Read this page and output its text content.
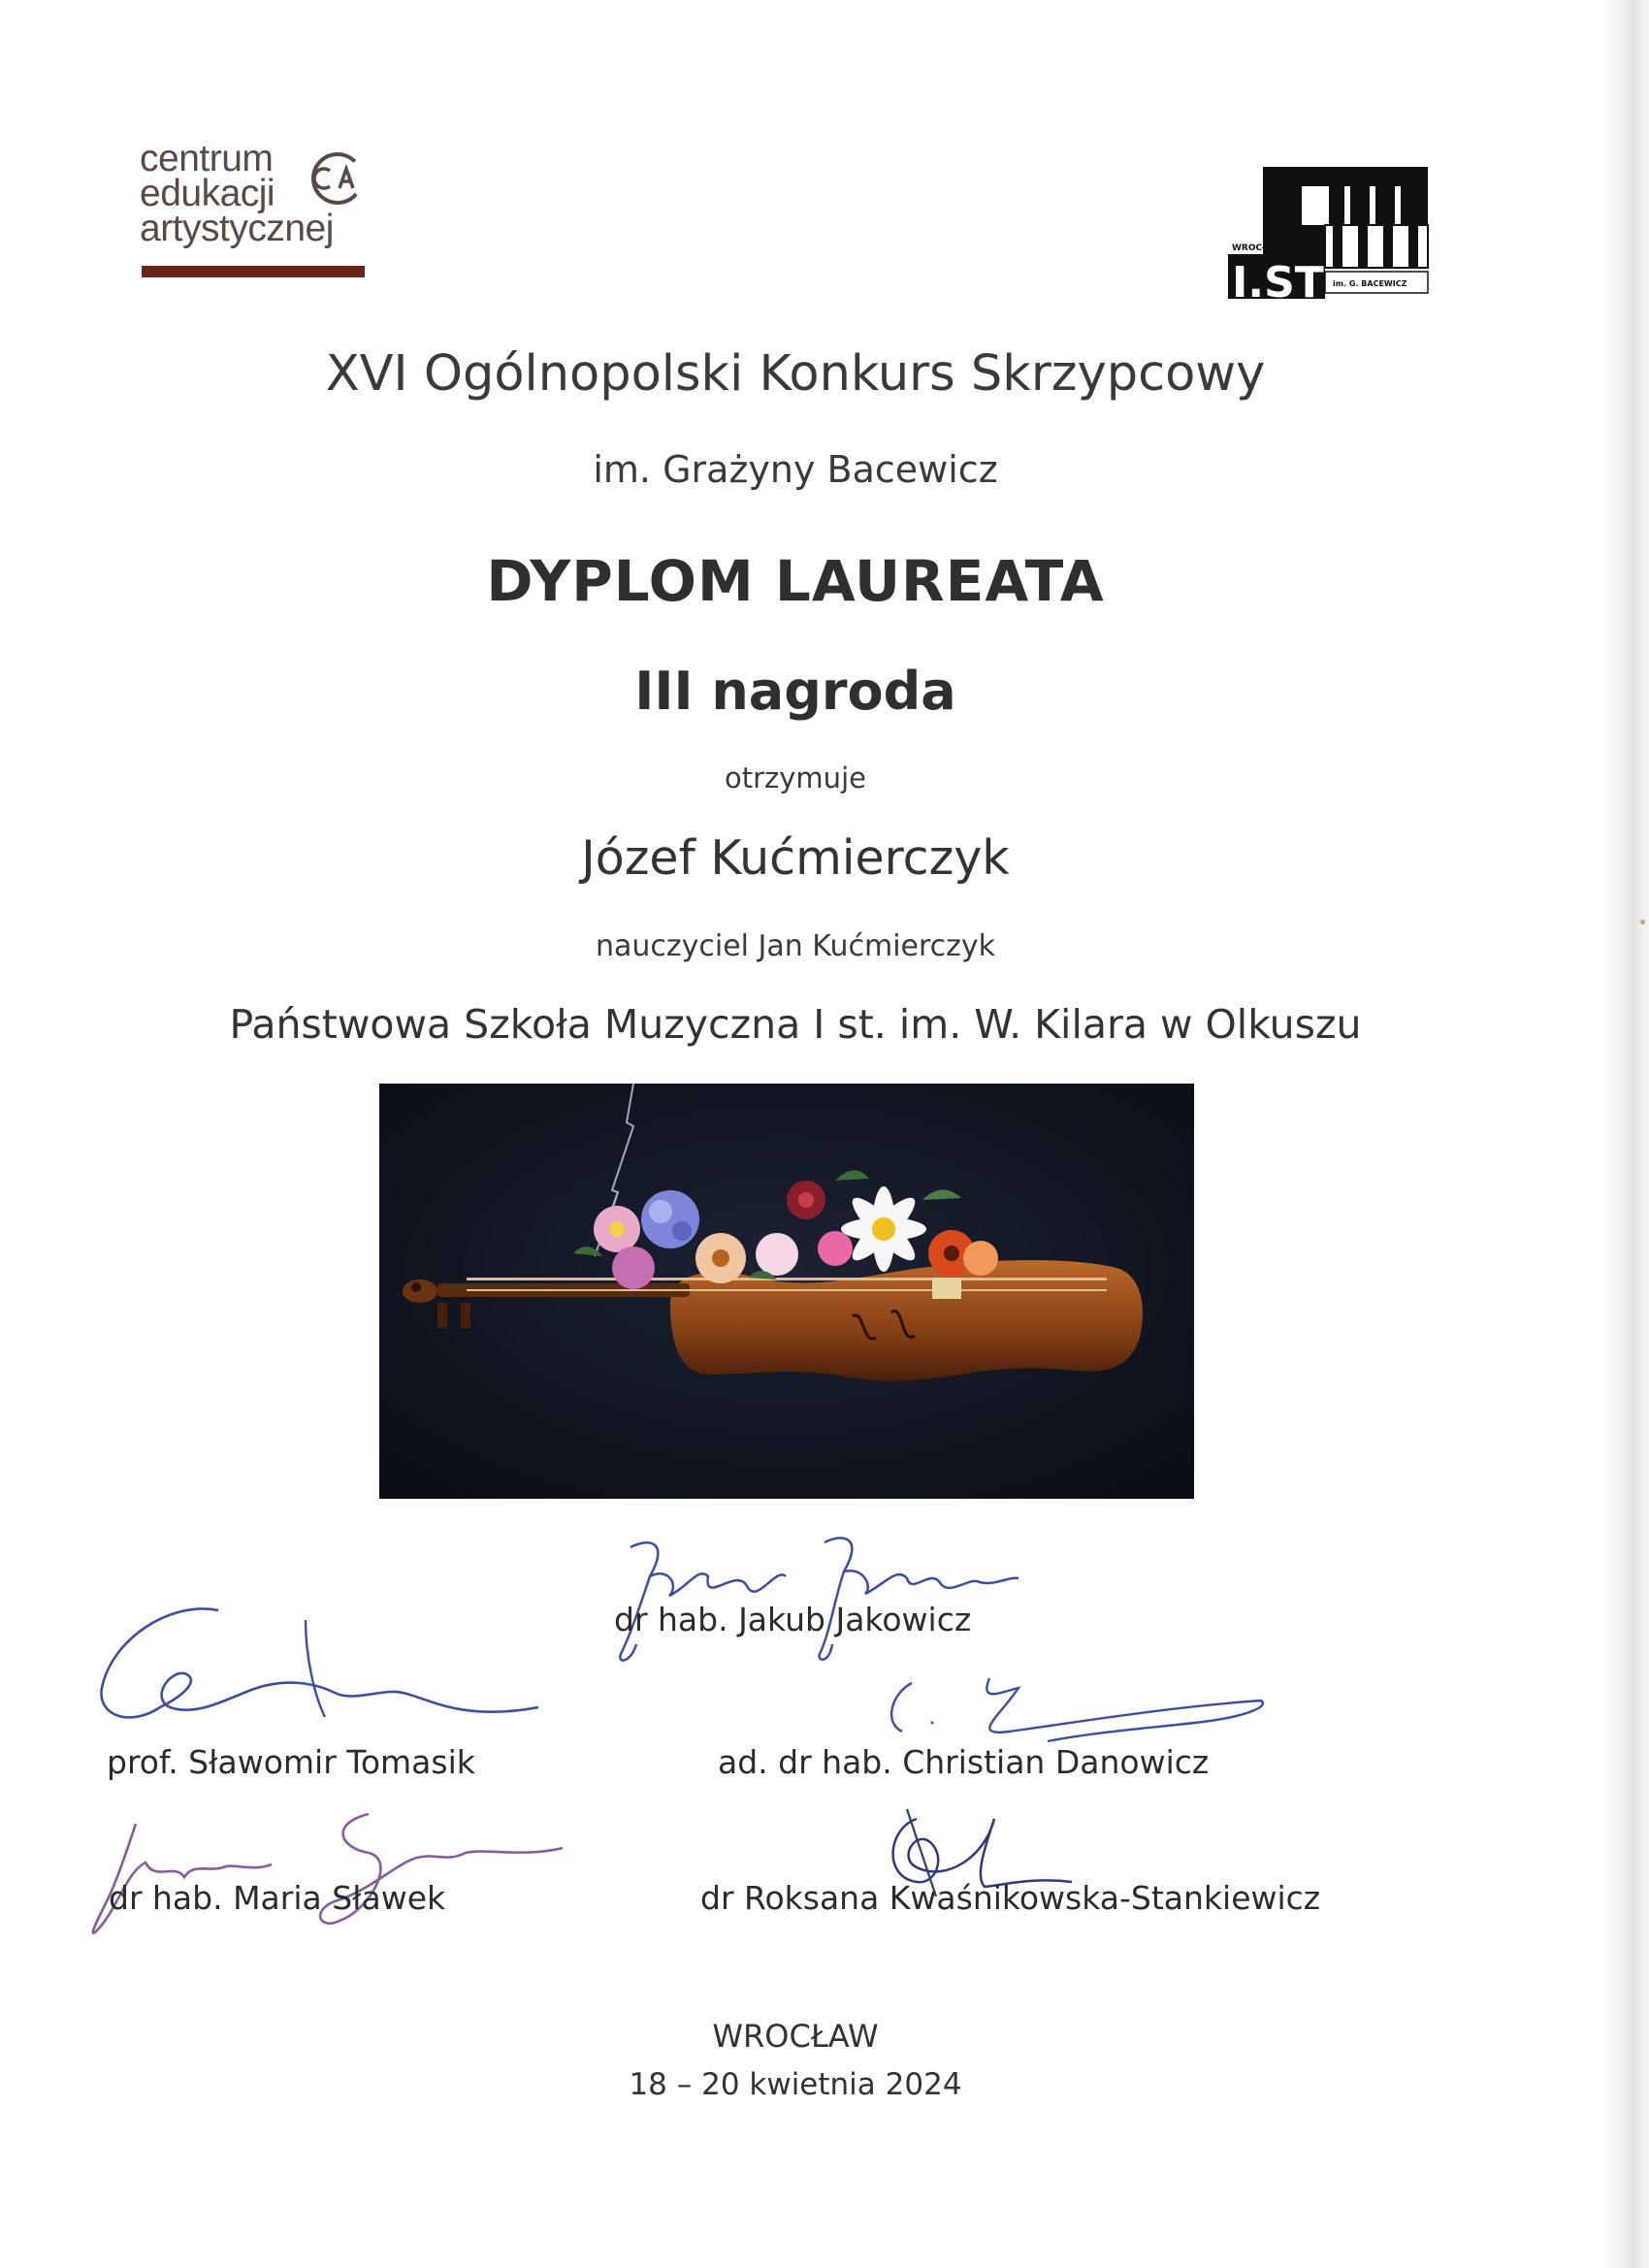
centrum
edukacji
artystycznej	WROCŁAW
I.ST im. G. BACEWICZ
XVI Ogólnopolski Konkurs Skrzypcowy
im. Grażyny Bacewicz
DYPLOM LAUREATA
III nagroda
otrzymuje
Józef Kućmierczyk
nauczyciel Jan Kućmierczyk
Państwowa Szkoła Muzyczna I st. im. W. Kilara w Olkuszu
dr hab. Jakub Jakowicz
prof. Sławomir Tomasik	ad. dr hab. Christian Danowicz
dr hab. Maria Sławek	dr Roksana Kwaśnikowska-Stankiewicz
WROCŁAW
18 – 20 kwietnia 2024
